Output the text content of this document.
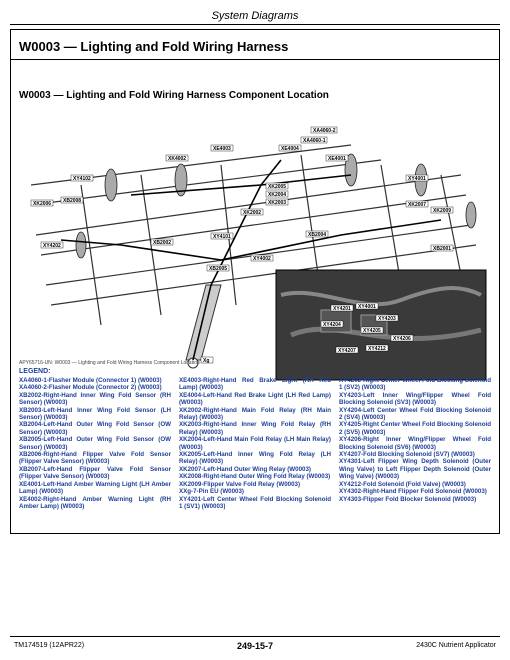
System Diagrams
W0003 — Lighting and Fold Wiring Harness
W0003 — Lighting and Fold Wiring Harness Component Location
XA4060-2
XA4060-1
XE4004
XE4003
XK4002	XE4001
XY4102	XY4001
XK2006
XK2005
XK2004
XK2003
XB2008
XK2002
XK2007
XK2009
XY4101
XY4202
XB2004
XB2002
XB2005
XY4002
XB2001
XY4001
XY4201
XY4203
XY4204
XY4205
XY4206
XY4207 XY4212
Xg
APY65716-UN: W0003 — Lighting and Fold Wiring Harness Component Location
LEGEND:
XA4060-1-Flasher Module (Connector 1) (W0003)
XA4060-2-Flasher Module (Connector 2) (W0003)
XB2002-Right-Hand Inner Wing Fold Sensor (RH Sensor) (W0003)
XB2003-Left-Hand Inner Wing Fold Sensor (LH Sensor) (W0003)
XB2004-Left-Hand Outer Wing Fold Sensor (OW Sensor) (W0003)
XB2005-Left-Hand Outer Wing Fold Sensor (OW Sensor) (W0003)
XB2006-Right-Hand Flipper Valve Fold Sensor (Flipper Valve Sensor) (W0003)
XB2007-Left-Hand Flipper Valve Fold Sensor (Flipper Valve Sensor) (W0003)
XE4001-Left-Hand Amber Warning Light (LH Amber Lamp) (W0003)
XE4002-Right-Hand Amber Warning Light (RH Amber Lamp) (W0003)
XE4003-Right-Hand Red Brake Light (RH Red Lamp) (W0003)
XE4004-Left-Hand Red Brake Light (LH Red Lamp) (W0003)
XK2002-Right-Hand Main Fold Relay (RH Main Relay) (W0003)
XK2003-Right-Hand Inner Wing Fold Relay (RH Relay) (W0003)
XK2004-Left-Hand Main Fold Relay (LH Main Relay) (W0003)
XK2005-Left-Hand Inner Wing Fold Relay (LH Relay) (W0003)
XK2007-Left-Hand Outer Wing Relay (W0003)
XK2008-Right-Hand Outer Wing Fold Relay (W0003)
XK2009-Flipper Valve Fold Relay (W0003)
XXg-7-Pin EU (W0003)
XY4201-Left Center Wheel Fold Blocking Solenoid 1 (SV1) (W0003)
XY4202-Right Center Wheel Fold Blocking Solenoid 1 (SV2) (W0003)
XY4203-Left Inner Wing/Flipper Wheel Fold Blocking Solenoid (SV3) (W0003)
XY4204-Left Center Wheel Fold Blocking Solenoid 2 (SV4) (W0003)
XY4205-Right Center Wheel Fold Blocking Solenoid 2 (SV5) (W0003)
XY4206-Right Inner Wing/Flipper Wheel Fold Blocking Solenoid (SV6) (W0003)
XY4207-Fold Blocking Solenoid (SV7) (W0003)
XY4301-Left Flipper Wing Depth Solenoid (Outer Wing Valve) to Left Flipper Depth Solenoid (Outer Wing Valve) (W0003)
XY4212-Fold Solenoid (Fold Valve) (W0003)
XY4302-Right-Hand Flipper Fold Solenoid (W0003)
XY4303-Flipper Fold Blocker Solenoid (W0003)
TM174519 (12APR22)	249-15-7	2430C Nutrient Applicator
